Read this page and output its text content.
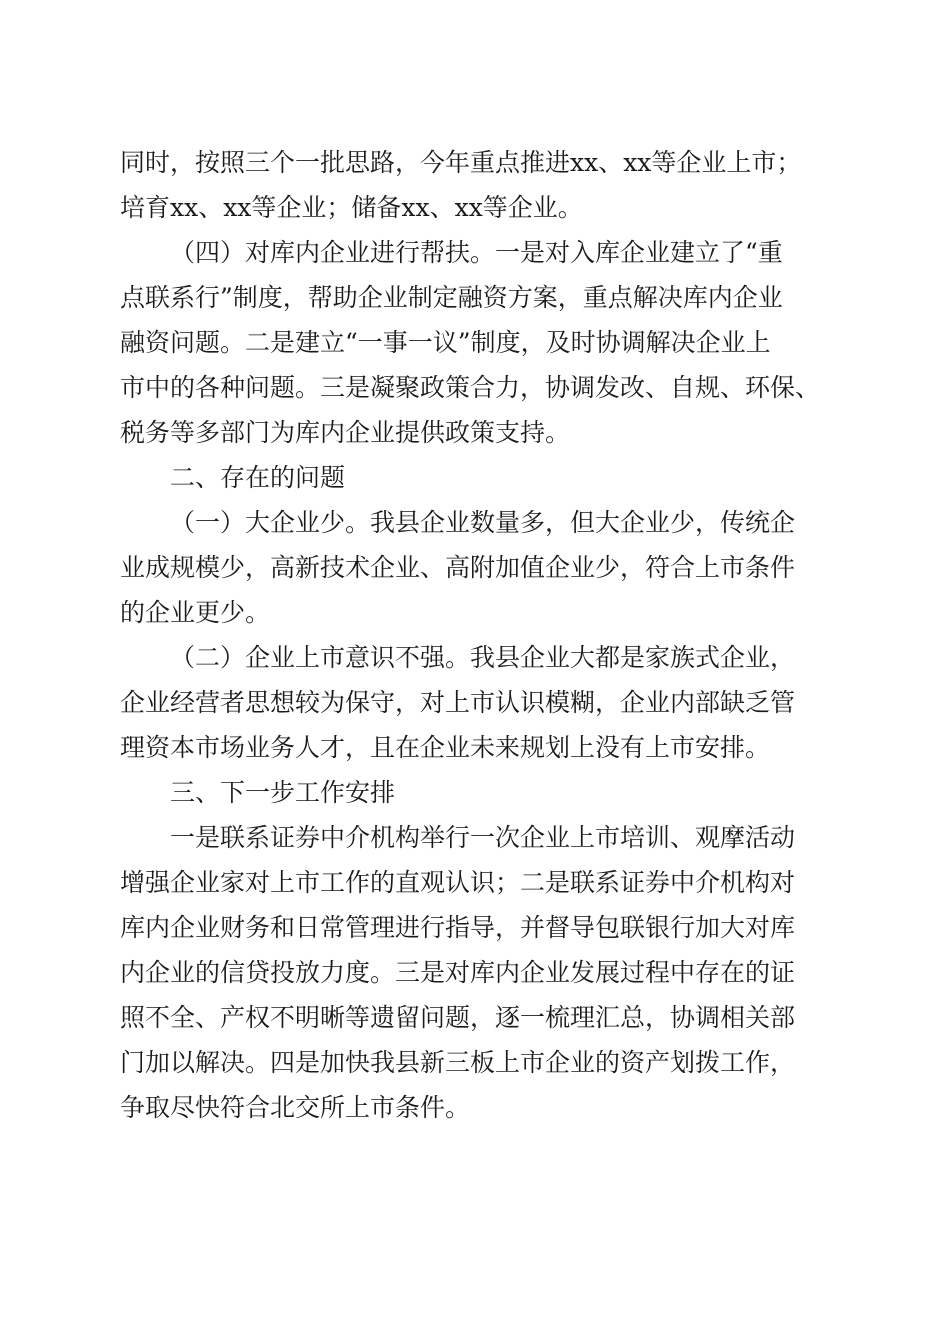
同时，按照三个一批思路，今年重点推进xx、xx等企业上市；
培育xx、xx等企业；储备xx、xx等企业。
（四）对库内企业进行帮扶。一是对入库企业建立了“重
点联系行”制度，帮助企业制定融资方案，重点解决库内企业
融资问题。二是建立“一事一议”制度，及时协调解决企业上
市中的各种问题。三是凝聚政策合力，协调发改、自规、环保、
税务等多部门为库内企业提供政策支持。
二、存在的问题
（一）大企业少。我县企业数量多，但大企业少，传统企
业成规模少，高新技术企业、高附加值企业少，符合上市条件
的企业更少。
（二）企业上市意识不强。我县企业大都是家族式企业，
企业经营者思想较为保守，对上市认识模糊，企业内部缺乏管
理资本市场业务人才，且在企业未来规划上没有上市安排。
三、下一步工作安排
一是联系证券中介机构举行一次企业上市培训、观摩活动
增强企业家对上市工作的直观认识；二是联系证券中介机构对
库内企业财务和日常管理进行指导，并督导包联银行加大对库
内企业的信贷投放力度。三是对库内企业发展过程中存在的证
照不全、产权不明晰等遗留问题，逐一梳理汇总，协调相关部
门加以解决。四是加快我县新三板上市企业的资产划拨工作，
争取尽快符合北交所上市条件。
